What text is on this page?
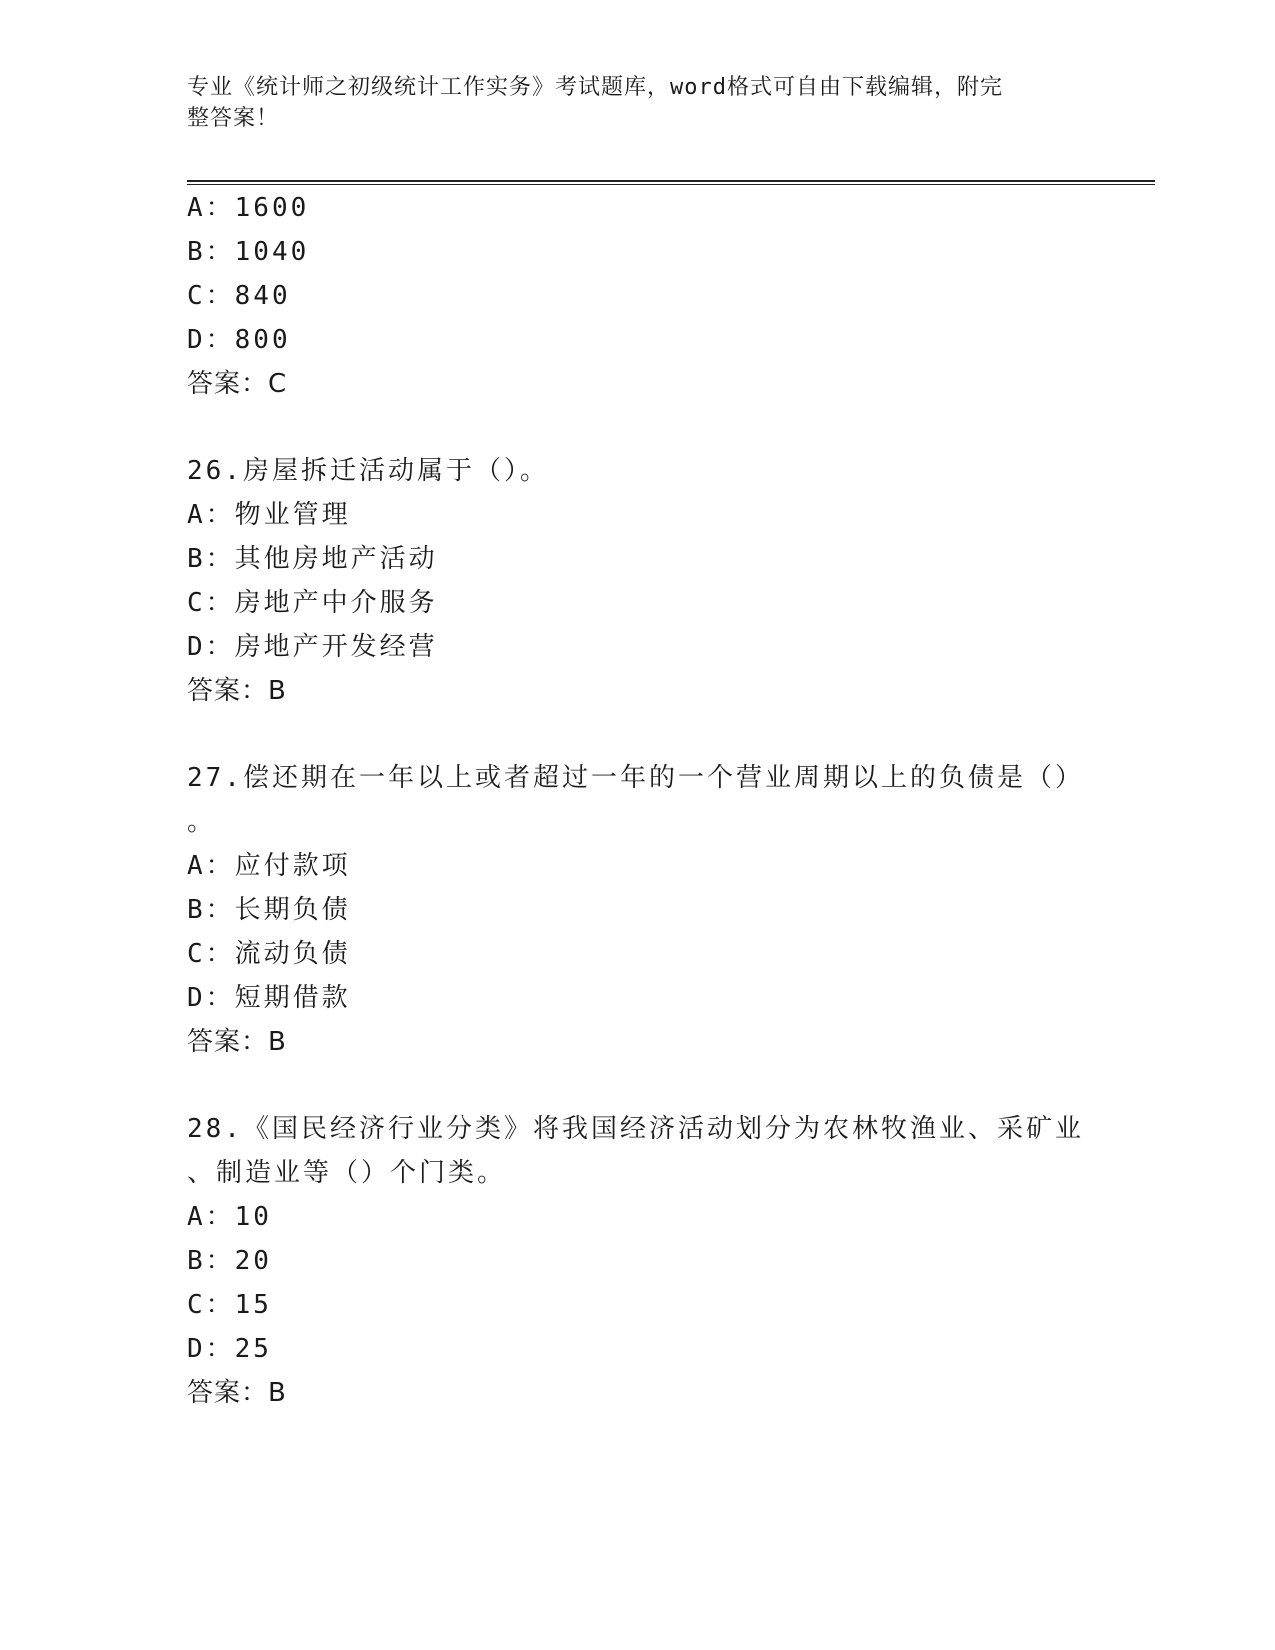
专业《统计师之初级统计工作实务》考试题库，word格式可自由下载编辑，附完
整答案！
A：1600
B：1040
C：840
D：800
答案：C
26.房屋拆迁活动属于（）。
A：物业管理
B：其他房地产活动
C：房地产中介服务
D：房地产开发经营
答案：B
27.偿还期在一年以上或者超过一年的一个营业周期以上的负债是（）
。
A：应付款项
B：长期负债
C：流动负债
D：短期借款
答案：B
28.《国民经济行业分类》将我国经济活动划分为农林牧渔业、采矿业
、制造业等（）个门类。
A：10
B：20
C：15
D：25
答案：B
